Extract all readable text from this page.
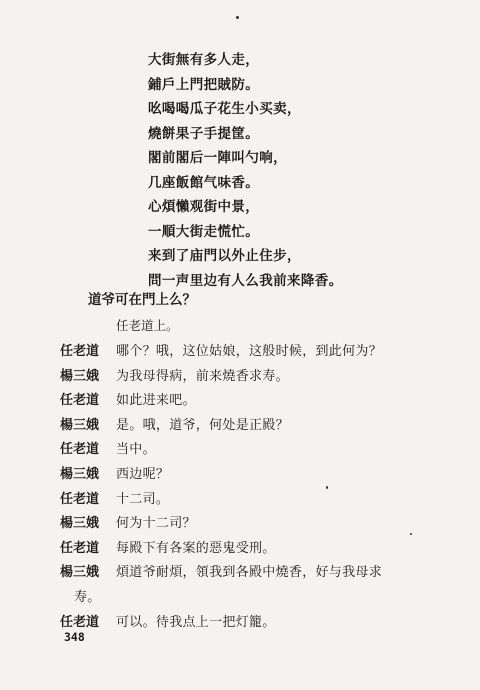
大街無有多人走，
鋪戶上門把賊防。
吆喝喝瓜子花生小买卖，
燒餅果子手提筐。
閣前閣后一陣叫勺响，
几座飯館气味香。
心煩懶观街中景，
一順大街走慌忙。
来到了庙門以外止住步，
問一声里边有人么我前来降香。
道爷可在門上么？
任老道上。
任老道	哪个？哦，这位姑娘，这般时候，到此何为？
楊三娥	为我母得病，前来燒香求寿。
任老道	如此进来吧。
楊三娥	是。哦，道爷，何处是正殿？
任老道	当中。
楊三娥	西边呢？
任老道	十二司。
楊三娥	何为十二司？
任老道	每殿下有各案的惡鬼受刑。
楊三娥	煩道爷耐煩，領我到各殿中燒香，好与我母求
寿。
任老道	可以。待我点上一把灯籠。
348
